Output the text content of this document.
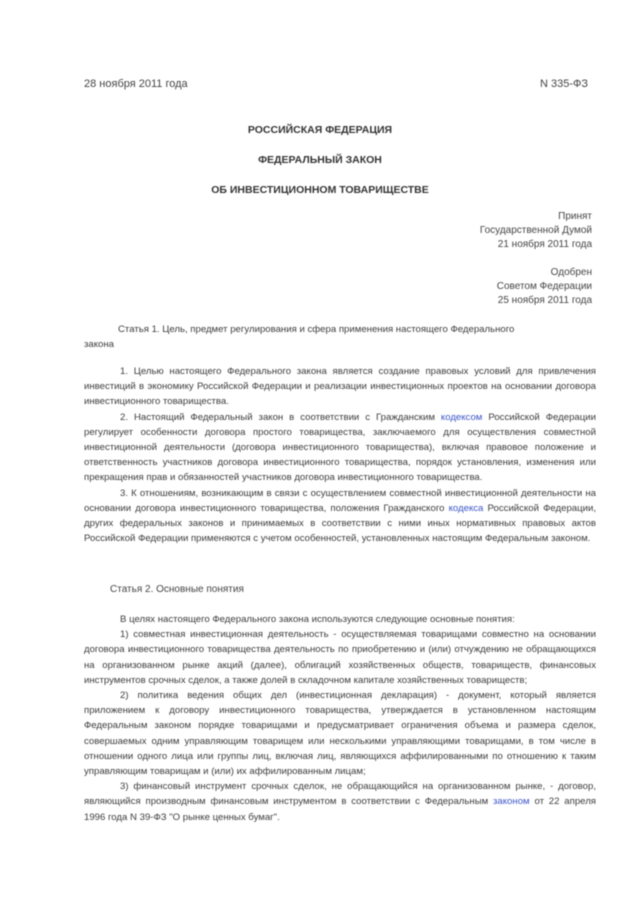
28 ноября 2011 года	N 335-ФЗ
РОССИЙСКАЯ ФЕДЕРАЦИЯ
ФЕДЕРАЛЬНЫЙ ЗАКОН
ОБ ИНВЕСТИЦИОННОМ ТОВАРИЩЕСТВЕ
Принят
Государственной Думой
21 ноября 2011 года
Одобрен
Советом Федерации
25 ноября 2011 года
Статья 1. Цель, предмет регулирования и сфера применения настоящего Федерального
закона

1. Целью настоящего Федерального закона является создание правовых условий для привлечения инвестиций в экономику Российской Федерации и реализации инвестиционных проектов на основании договора инвестиционного товарищества.

2. Настоящий Федеральный закон в соответствии с Гражданским кодексом Российской Федерации регулирует особенности договора простого товарищества, заключаемого для осуществления совместной инвестиционной деятельности (договора инвестиционного товарищества), включая правовое положение и ответственность участников договора инвестиционного товарищества, порядок установления, изменения или прекращения прав и обязанностей участников договора инвестиционного товарищества.

3. К отношениям, возникающим в связи с осуществлением совместной инвестиционной деятельности на основании договора инвестиционного товарищества, положения Гражданского кодекса Российской Федерации, других федеральных законов и принимаемых в соответствии с ними иных нормативных правовых актов Российской Федерации применяются с учетом особенностей, установленных настоящим Федеральным законом.

Статья 2. Основные понятия

В целях настоящего Федерального закона используются следующие основные понятия:

1) совместная инвестиционная деятельность - осуществляемая товарищами совместно на основании договора инвестиционного товарищества деятельность по приобретению и (или) отчуждению не обращающихся на организованном рынке акций (далее), облигаций хозяйственных обществ, товариществ, финансовых инструментов срочных сделок, а также долей в складочном капитале хозяйственных товариществ;

2) политика ведения общих дел (инвестиционная декларация) - документ, который является приложением к договору инвестиционного товарищества, утверждается в установленном настоящим Федеральным законом порядке товарищами и предусматривает ограничения объема и размера сделок, совершаемых одним управляющим товарищем или несколькими управляющими товарищами, в том числе в отношении одного лица или группы лиц, включая лиц, являющихся аффилированными по отношению к таким управляющим товарищам и (или) их аффилированным лицам;

3) финансовый инструмент срочных сделок, не обращающийся на организованном рынке, - договор, являющийся производным финансовым инструментом в соответствии с Федеральным законом от 22 апреля 1996 года N 39-ФЗ "О рынке ценных бумаг".
